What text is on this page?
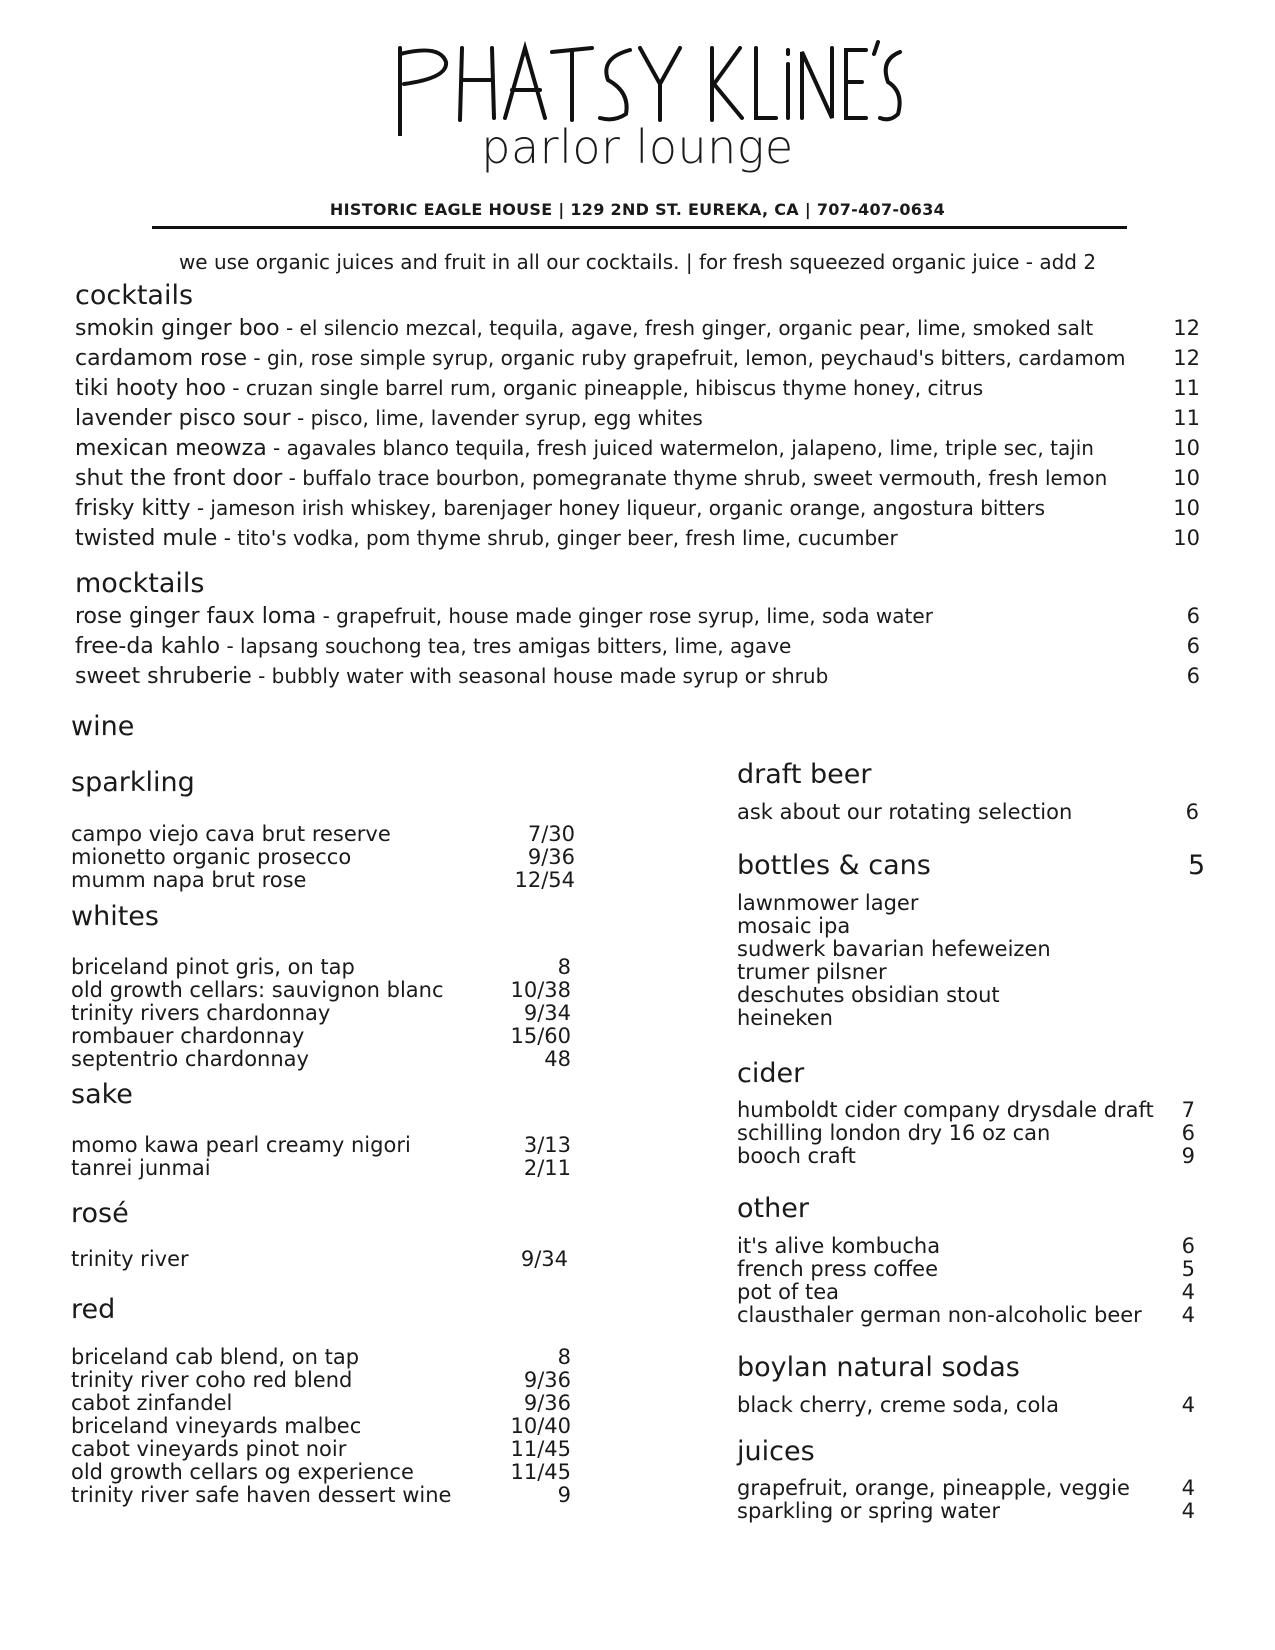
parlor lounge
HISTORIC EAGLE HOUSE | 129 2ND ST. EUREKA, CA | 707-407-0634
we use organic juices and fruit in all our cocktails. | for fresh squeezed organic juice - add 2
cocktails
smokin ginger boo - el silencio mezcal, tequila, agave, fresh ginger, organic pear, lime, smoked salt	12
cardamom rose - gin, rose simple syrup, organic ruby grapefruit, lemon, peychaud's bitters, cardamom 12
tiki hooty hoo - cruzan single barrel rum, organic pineapple, hibiscus thyme honey, citrus	11
lavender pisco sour - pisco, lime, lavender syrup, egg whites	11
mexican meowza - agavales blanco tequila, fresh juiced watermelon, jalapeno, lime, triple sec, tajin	10
shut the front door - buffalo trace bourbon, pomegranate thyme shrub, sweet vermouth, fresh lemon	10
frisky kitty - jameson irish whiskey, barenjager honey liqueur, organic orange, angostura bitters	10
twisted mule - tito's vodka, pom thyme shrub, ginger beer, fresh lime, cucumber	10
mocktails
rose ginger faux loma - grapefruit, house made ginger rose syrup, lime, soda water	6
free-da kahlo - lapsang souchong tea, tres amigas bitters, lime, agave	6
sweet shruberie - bubbly water with seasonal house made syrup or shrub	6
wine
sparkling
campo viejo cava brut reserve	7/30
mionetto organic prosecco	9/36
mumm napa brut rose	12/54
whites
briceland pinot gris, on tap	8
old growth cellars: sauvignon blanc	10/38
trinity rivers chardonnay	9/34
rombauer chardonnay	15/60
septentrio chardonnay	48
sake
momo kawa pearl creamy nigori	3/13
tanrei junmai	2/11
rosé
trinity river	9/34
red
briceland cab blend, on tap	8
trinity river coho red blend	9/36
cabot zinfandel	9/36
briceland vineyards malbec	10/40
cabot vineyards pinot noir	11/45
old growth cellars og experience	11/45
trinity river safe haven dessert wine	9
draft beer
ask about our rotating selection	6
bottles & cans	5
lawnmower lager
mosaic ipa
sudwerk bavarian hefeweizen
trumer pilsner
deschutes obsidian stout
heineken
cider
humboldt cider company drysdale draft 7
schilling london dry 16 oz can	6
booch craft	9
other
it's alive kombucha	6
french press coffee	5
pot of tea	4
clausthaler german non-alcoholic beer 4
boylan natural sodas
black cherry, creme soda, cola	4
juices
grapefruit, orange, pineapple, veggie 4
sparkling or spring water	4
